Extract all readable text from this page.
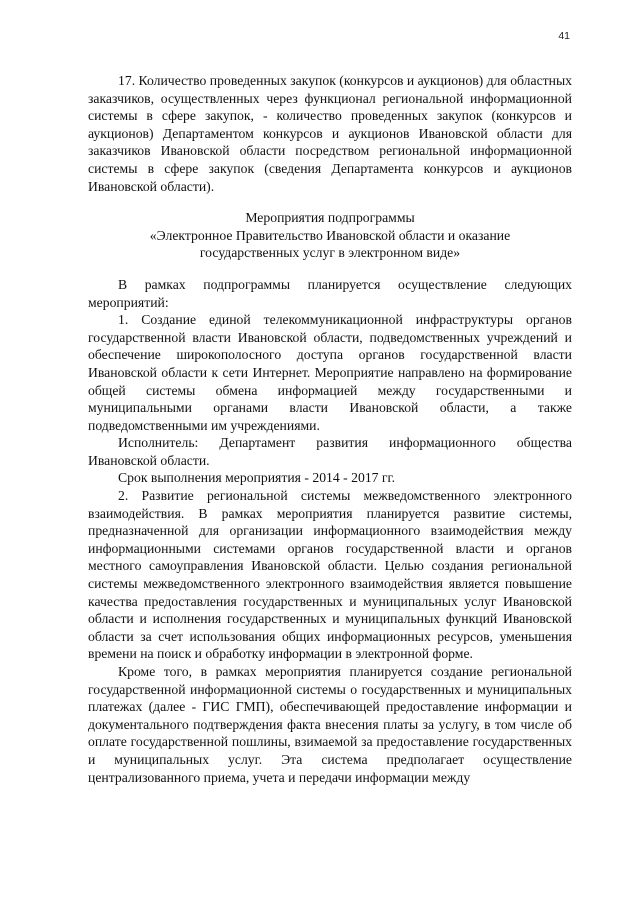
41

17. Количество проведенных закупок (конкурсов и аукционов) для областных заказчиков, осуществленных через функционал региональной информационной системы в сфере закупок, - количество проведенных закупок (конкурсов и аукционов) Департаментом конкурсов и аукционов Ивановской области для заказчиков Ивановской области посредством региональной информационной системы в сфере закупок (сведения Департамента конкурсов и аукционов Ивановской области).

Мероприятия подпрограммы
«Электронное Правительство Ивановской области и оказание
государственных услуг в электронном виде»

В рамках подпрограммы планируется осуществление следующих мероприятий:

1. Создание единой телекоммуникационной инфраструктуры органов государственной власти Ивановской области, подведомственных учреждений и обеспечение широкополосного доступа органов государственной власти Ивановской области к сети Интернет. Мероприятие направлено на формирование общей системы обмена информацией между государственными и муниципальными органами власти Ивановской области, а также подведомственными им учреждениями.

Исполнитель: Департамент развития информационного общества Ивановской области.

Срок выполнения мероприятия - 2014 - 2017 гг.

2. Развитие региональной системы межведомственного электронного взаимодействия. В рамках мероприятия планируется развитие системы, предназначенной для организации информационного взаимодействия между информационными системами органов государственной власти и органов местного самоуправления Ивановской области. Целью создания региональной системы межведомственного электронного взаимодействия является повышение качества предоставления государственных и муниципальных услуг Ивановской области и исполнения государственных и муниципальных функций Ивановской области за счет использования общих информационных ресурсов, уменьшения времени на поиск и обработку информации в электронной форме.

Кроме того, в рамках мероприятия планируется создание региональной государственной информационной системы о государственных и муниципальных платежах (далее - ГИС ГМП), обеспечивающей предоставление информации и документального подтверждения факта внесения платы за услугу, в том числе об оплате государственной пошлины, взимаемой за предоставление государственных и муниципальных услуг. Эта система предполагает осуществление централизованного приема, учета и передачи информации между
